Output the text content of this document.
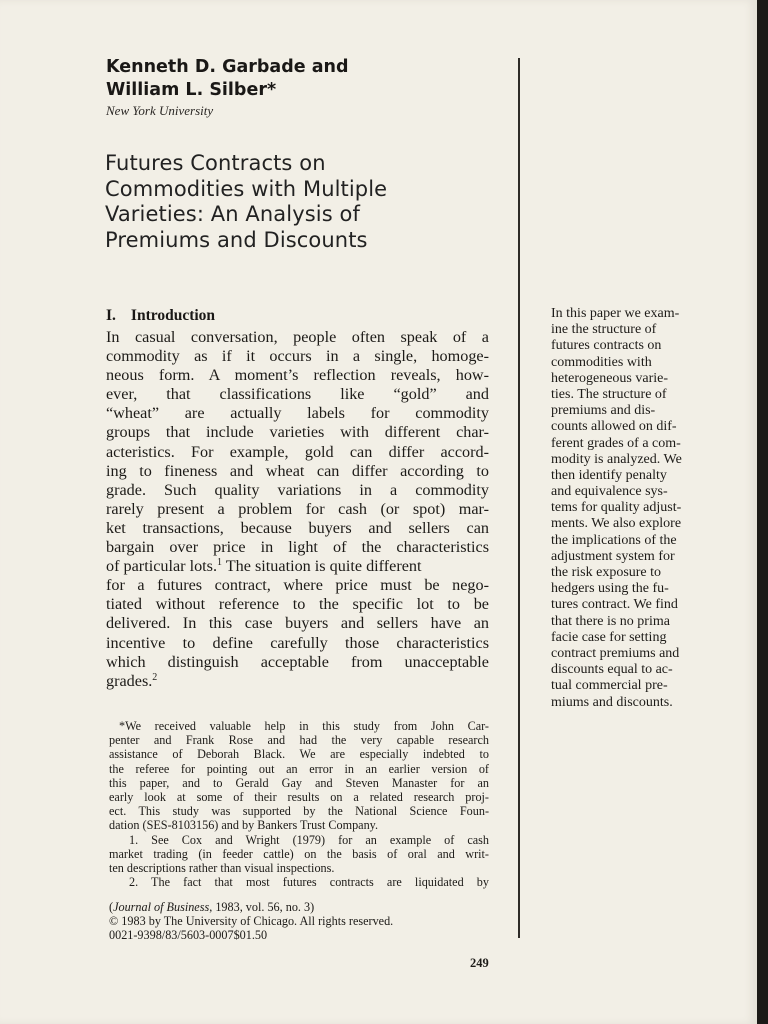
Kenneth D. Garbade and
William L. Silber*
New York University
Futures Contracts on
Commodities with Multiple
Varieties: An Analysis of
Premiums and Discounts
I. Introduction
In casual conversation, people often speak of a
commodity as if it occurs in a single, homoge-
neous form. A moment’s reflection reveals, how-
ever, that classifications like “gold” and
“wheat” are actually labels for commodity
groups that include varieties with different char-
acteristics. For example, gold can differ accord-
ing to fineness and wheat can differ according to
grade. Such quality variations in a commodity
rarely present a problem for cash (or spot) mar-
ket transactions, because buyers and sellers can
bargain over price in light of the characteristics
of particular lots.$^1$ The situation is quite different
for a futures contract, where price must be nego-
tiated without reference to the specific lot to be
delivered. In this case buyers and sellers have an
incentive to define carefully those characteristics
which distinguish acceptable from unacceptable
grades.$^2$
In this paper we exam-
ine the structure of
futures contracts on
commodities with
heterogeneous varie-
ties. The structure of
premiums and dis-
counts allowed on dif-
ferent grades of a com-
modity is analyzed. We
then identify penalty
and equivalence sys-
tems for quality adjust-
ments. We also explore
the implications of the
adjustment system for
the risk exposure to
hedgers using the fu-
tures contract. We find
that there is no prima
facie case for setting
contract premiums and
discounts equal to ac-
tual commercial pre-
miums and discounts.
*We received valuable help in this study from John Car-
penter and Frank Rose and had the very capable research
assistance of Deborah Black. We are especially indebted to
the referee for pointing out an error in an earlier version of
this paper, and to Gerald Gay and Steven Manaster for an
early look at some of their results on a related research proj-
ect. This study was supported by the National Science Foun-
dation (SES-8103156) and by Bankers Trust Company.
1. See Cox and Wright (1979) for an example of cash
market trading (in feeder cattle) on the basis of oral and writ-
ten descriptions rather than visual inspections.
2. The fact that most futures contracts are liquidated by
(Journal of Business, 1983, vol. 56, no. 3)
© 1983 by The University of Chicago. All rights reserved.
0021-9398/83/5603-0007$01.50
249
